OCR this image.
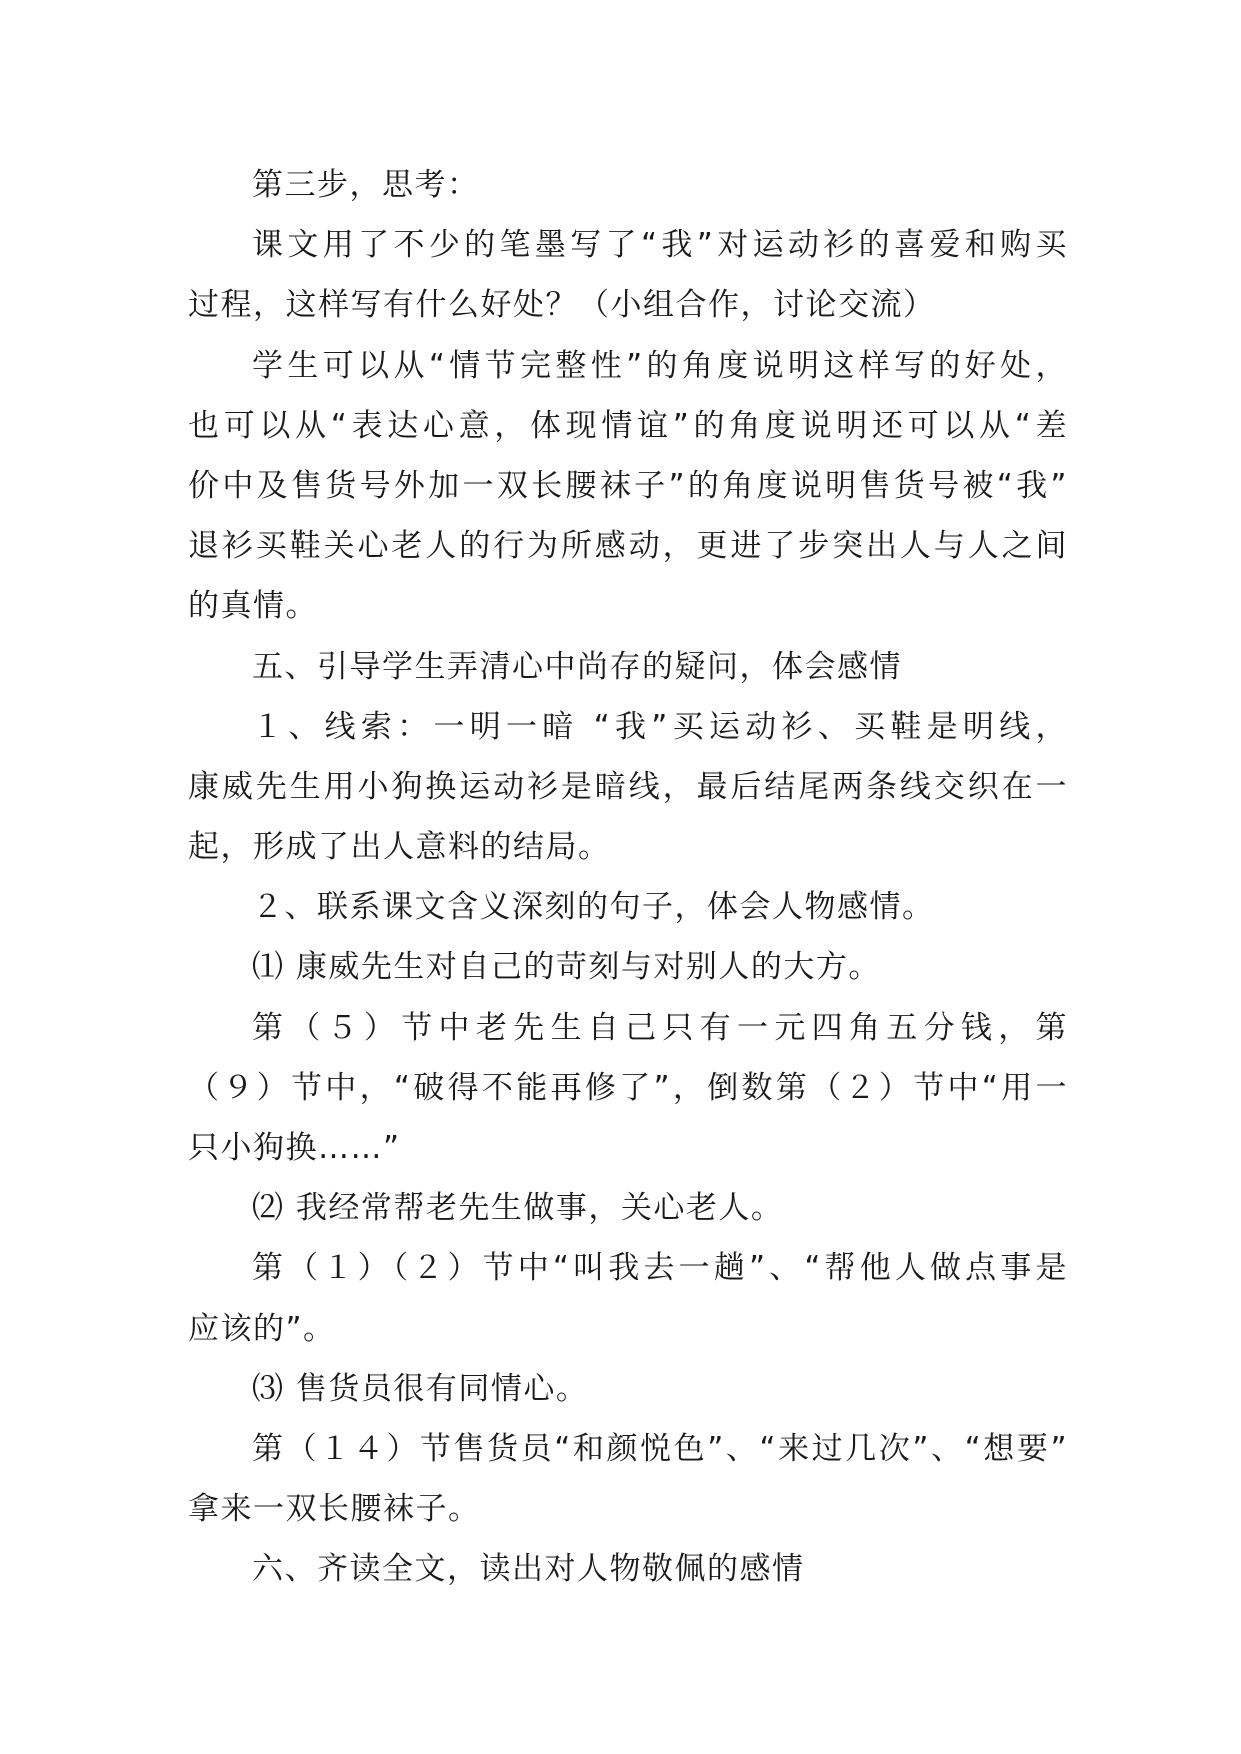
第三步，思考：
课文用了不少的笔墨写了“我”对运动衫的喜爱和购买
过程，这样写有什么好处？（小组合作，讨论交流）
学生可以从“情节完整性”的角度说明这样写的好处，
也可以从“表达心意，体现情谊”的角度说明还可以从“差
价中及售货号外加一双长腰袜子”的角度说明售货号被“我”
退衫买鞋关心老人的行为所感动，更进了步突出人与人之间
的真情。
五、引导学生弄清心中尚存的疑问，体会感情
１、线索：一明一暗 “我”买运动衫、买鞋是明线，
康威先生用小狗换运动衫是暗线，最后结尾两条线交织在一
起，形成了出人意料的结局。
２、联系课文含义深刻的句子，体会人物感情。
⑴ 康威先生对自己的苛刻与对别人的大方。
第（５）节中老先生自己只有一元四角五分钱，第
（９）节中，“破得不能再修了”，倒数第（２）节中“用一
只小狗换……”
⑵ 我经常帮老先生做事，关心老人。
第（１）（２）节中“叫我去一趟”、“帮他人做点事是
应该的”。
⑶ 售货员很有同情心。
第（１４）节售货员“和颜悦色”、“来过几次”、“想要”
拿来一双长腰袜子。
六、齐读全文，读出对人物敬佩的感情
